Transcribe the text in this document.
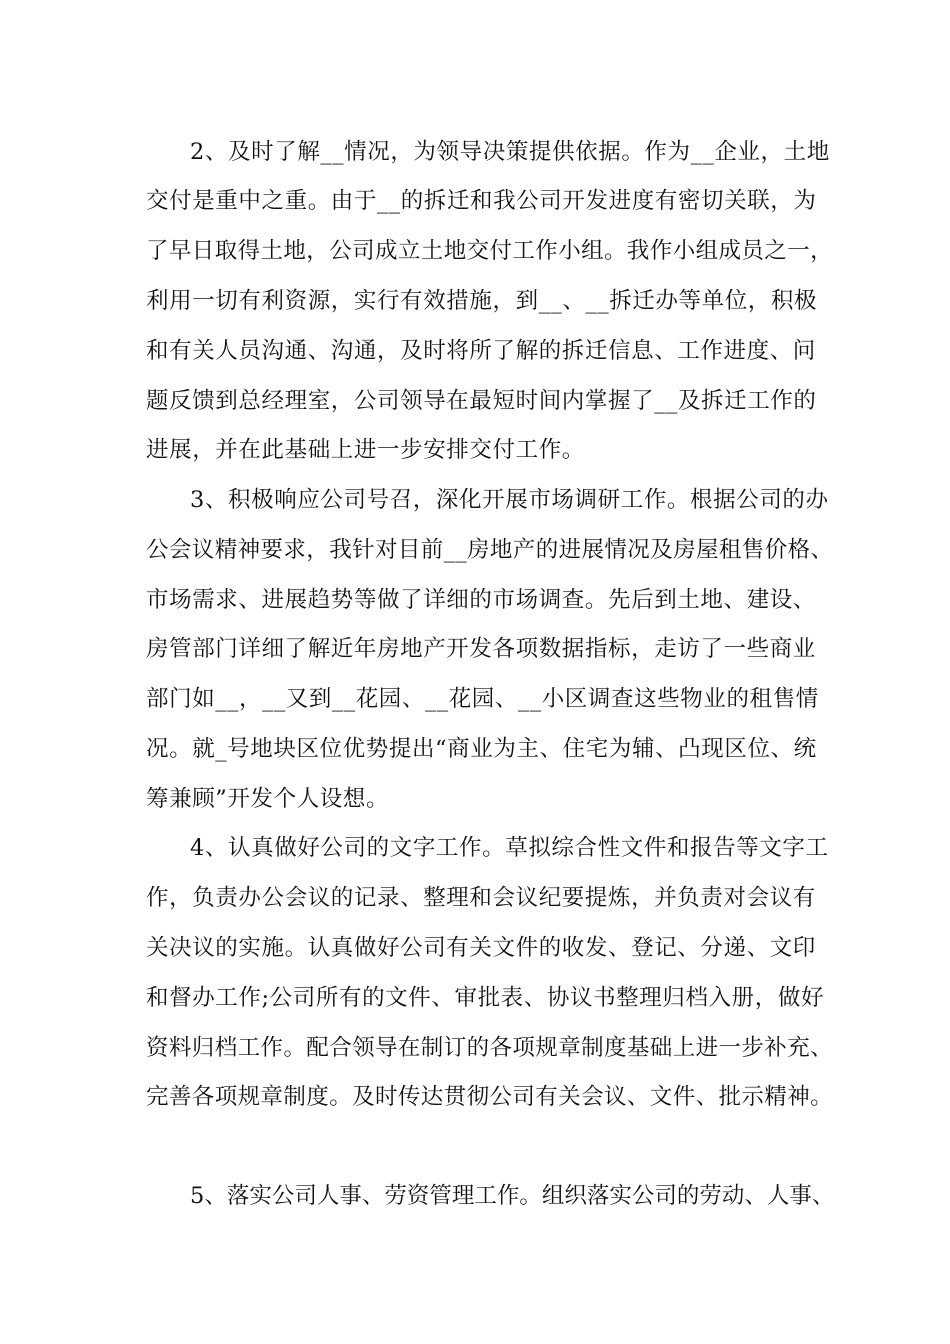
2、及时了解__情况，为领导决策提供依据。作为__企业，土地
交付是重中之重。由于__的拆迁和我公司开发进度有密切关联，为
了早日取得土地，公司成立土地交付工作小组。我作小组成员之一，
利用一切有利资源，实行有效措施，到__、__拆迁办等单位，积极
和有关人员沟通、沟通，及时将所了解的拆迁信息、工作进度、问
题反馈到总经理室，公司领导在最短时间内掌握了__及拆迁工作的
进展，并在此基础上进一步安排交付工作。
3、积极响应公司号召，深化开展市场调研工作。根据公司的办
公会议精神要求，我针对目前__房地产的进展情况及房屋租售价格、
市场需求、进展趋势等做了详细的市场调查。先后到土地、建设、
房管部门详细了解近年房地产开发各项数据指标，走访了一些商业
部门如__，__又到__花园、__花园、__小区调查这些物业的租售情
况。就_号地块区位优势提出“商业为主、住宅为辅、凸现区位、统
筹兼顾”开发个人设想。
4、认真做好公司的文字工作。草拟综合性文件和报告等文字工
作，负责办公会议的记录、整理和会议纪要提炼，并负责对会议有
关决议的实施。认真做好公司有关文件的收发、登记、分递、文印
和督办工作;公司所有的文件、审批表、协议书整理归档入册，做好
资料归档工作。配合领导在制订的各项规章制度基础上进一步补充、
完善各项规章制度。及时传达贯彻公司有关会议、文件、批示精神。
5、落实公司人事、劳资管理工作。组织落实公司的劳动、人事、
